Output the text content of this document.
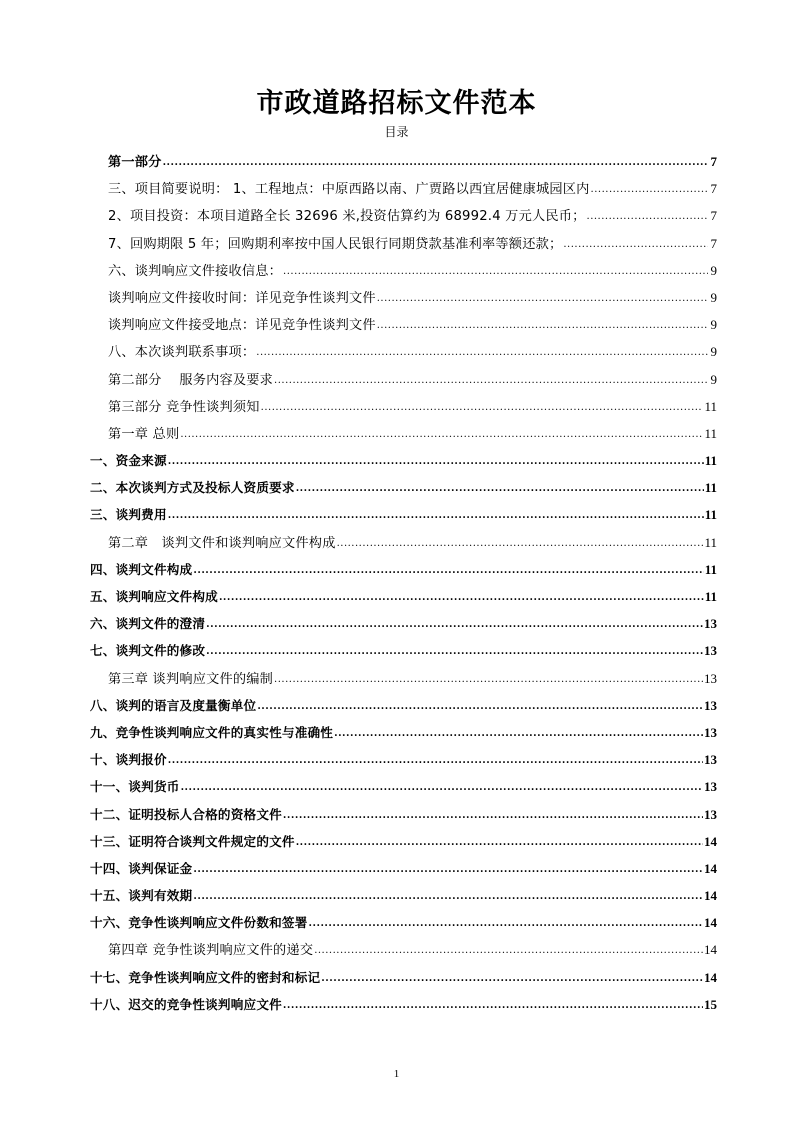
市政道路招标文件范本
目录
第一部分 .....	7
三、项目简要说明： 1、工程地点：中原西路以南、广贾路以西宜居健康城园区内 .....	7
2、项目投资：本项目道路全长 32696 米,投资估算约为 68992.4 万元人民币； .....	7
7、回购期限 5 年；回购期利率按中国人民银行同期贷款基准利率等额还款； .....	7
六、谈判响应文件接收信息： .....	9
谈判响应文件接收时间：详见竞争性谈判文件 .....	9
谈判响应文件接受地点：详见竞争性谈判文件 .....	9
八、本次谈判联系事项： .....	9
第二部分　 服务内容及要求 .....	9
第三部分 竞争性谈判须知 .....	11
第一章 总则 .....	11
一、资金来源 .....	11
二、本次谈判方式及投标人资质要求 .....	11
三、谈判费用 .....	11
第二章　谈判文件和谈判响应文件构成 .....	11
四、谈判文件构成 .....	11
五、谈判响应文件构成 .....	11
六、谈判文件的澄清 .....	13
七、谈判文件的修改 .....	13
第三章 谈判响应文件的编制 .....	13
八、谈判的语言及度量衡单位 .....	13
九、竞争性谈判响应文件的真实性与准确性 .....	13
十、谈判报价 .....	13
十一、谈判货币 .....	13
十二、证明投标人合格的资格文件 .....	13
十三、证明符合谈判文件规定的文件 .....	14
十四、谈判保证金 .....	14
十五、谈判有效期 .....	14
十六、竞争性谈判响应文件份数和签署 .....	14
第四章 竞争性谈判响应文件的递交 .....	14
十七、竞争性谈判响应文件的密封和标记 .....	14
十八、迟交的竞争性谈判响应文件 .....	15
1
